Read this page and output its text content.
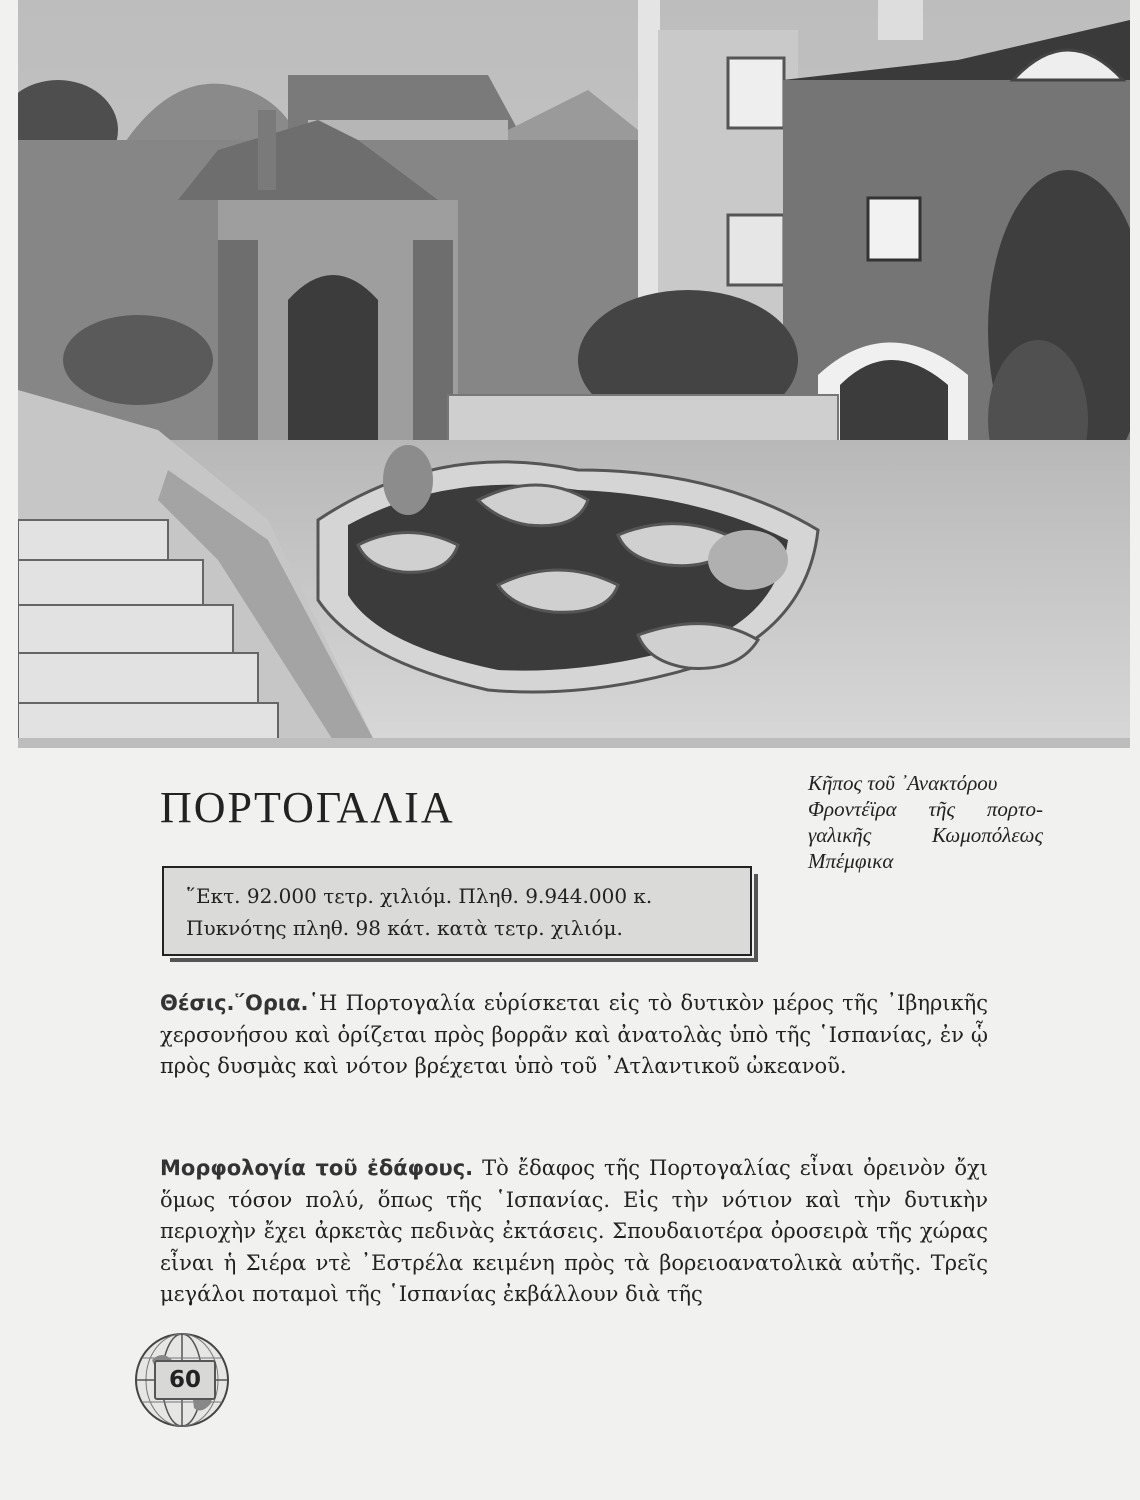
ΠΟΡΤΟΓΑΛΙΑ	Κῆπος τοῦ ᾽Ανακτόρου
Φροντέϊρα τῆς πορτο-
γαλικῆς Κωμοπόλεως
Μπέμφικα
῞Εκτ. 92.000 τετρ. χιλιόμ. Πληθ. 9.944.000 κ.
Πυκνότης πληθ. 98 κάτ. κατὰ τετρ. χιλιόμ.

Θέσις.῞Ορια.῾Η Πορτογαλία εὑρίσκεται εἰς τὸ δυτικὸν μέρος τῆς ᾽Ιβηρικῆς χερσονήσου καὶ ὁρίζεται πρὸς βορρᾶν καὶ ἀνατολὰς ὑπὸ τῆς ῾Ισπανίας, ἐν ᾧ πρὸς δυσμὰς καὶ νότον βρέχεται ὑπὸ τοῦ ᾽Ατλαντικοῦ ὠκεανοῦ.

Μορφολογία τοῦ ἐδάφους. Τὸ ἔδαφος τῆς Πορτογαλίας εἶναι ὀρεινὸν ὄχι ὅμως τόσον πολύ, ὅπως τῆς ῾Ισπανίας. Εἰς τὴν νότιον καὶ τὴν δυτικὴν περιοχὴν ἔχει ἀρκετὰς πεδινὰς ἐκτάσεις. Σπουδαιοτέρα ὀροσειρὰ τῆς χώρας εἶναι ἡ Σιέρα ντὲ ᾽Εστρέλα κειμένη πρὸς τὰ βορειοανατολικὰ αὐτῆς. Τρεῖς μεγάλοι ποταμοὶ τῆς ῾Ισπανίας ἐκβάλλουν διὰ τῆς

60
